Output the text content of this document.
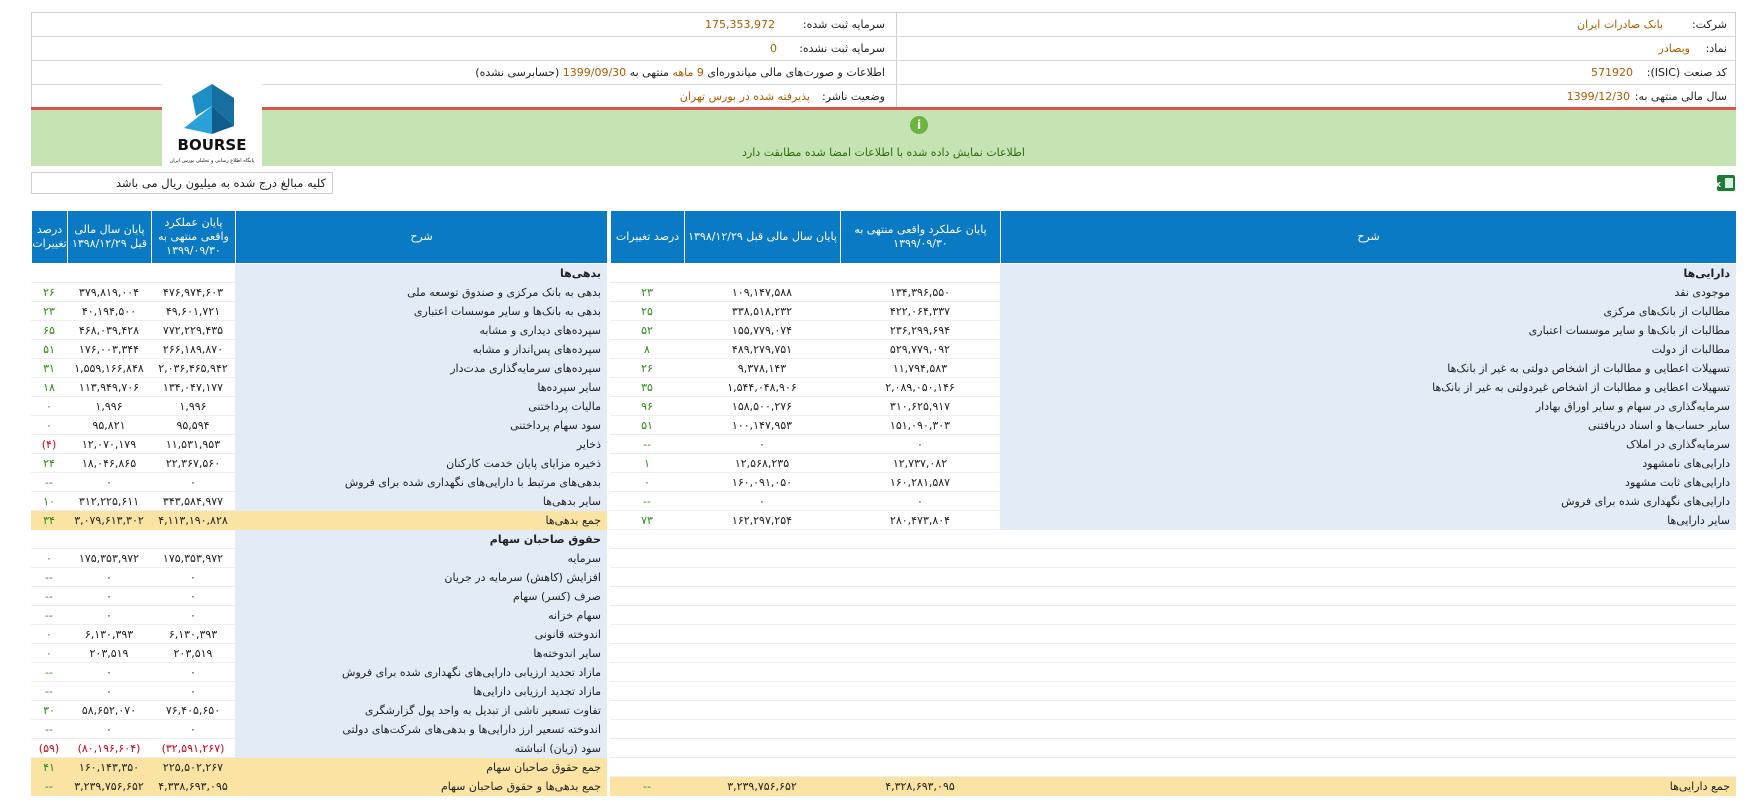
شرکت:
بانک صادرات ایران
سرمایه ثبت شده:
175,353,972
نماد:
وبصادر
سرمایه ثبت نشده:
0
کد صنعت (ISIC):
571920
اطلاعات و صورت‌های مالی میاندوره‌ای 9 ماهه منتهی به 1399/09/30 (حسابرسی نشده)
سال مالی منتهی به:
1399/12/30
وضعیت ناشر:
پذیرفته شده در بورس تهران
i
اطلاعات نمایش داده شده با اطلاعات امضا شده مطابقت دارد
BOURSE
پایگاه اطلاع رسانی و تحلیلی بورس ایران
کلیه مبالغ درج شده به میلیون ریال می باشد	x
شرح
پایان عملکرد واقعی منتهی به ۱۳۹۹/۰۹/۳۰
پایان سال مالی قبل ۱۳۹۸/۱۲/۲۹
درصد تغییرات
دارایی‌ها
موجودی نقد
۱۳۴,۳۹۶,۵۵۰
۱۰۹,۱۴۷,۵۸۸
۲۳
مطالبات از بانک‌های مرکزی
۴۲۲,۰۶۴,۳۳۷
۳۳۸,۵۱۸,۲۳۲
۲۵
مطالبات از بانک‌ها و سایر موسسات اعتباری
۲۳۶,۲۹۹,۶۹۴
۱۵۵,۷۷۹,۰۷۴
۵۲
مطالبات از دولت
۵۲۹,۷۷۹,۰۹۲
۴۸۹,۲۷۹,۷۵۱
۸
تسهیلات اعطایی و مطالبات از اشخاص دولتی به غیر از بانک‌ها
۱۱,۷۹۴,۵۸۳
۹,۳۷۸,۱۴۳
۲۶
تسهیلات اعطایی و مطالبات از اشخاص غیردولتی به غیر از بانک‌ها
۲,۰۸۹,۰۵۰,۱۴۶
۱,۵۴۴,۰۴۸,۹۰۶
۳۵
سرمایه‌گذاری در سهام و سایر اوراق بهادار
۳۱۰,۶۲۵,۹۱۷
۱۵۸,۵۰۰,۲۷۶
۹۶
سایر حساب‌ها و اسناد دریافتنی
۱۵۱,۰۹۰,۳۰۳
۱۰۰,۱۴۷,۹۵۳
۵۱
سرمایه‌گذاری در املاک
۰
۰
--
دارایی‌های نامشهود
۱۲,۷۳۷,۰۸۲
۱۲,۵۶۸,۲۳۵
۱
دارایی‌های ثابت مشهود
۱۶۰,۲۸۱,۵۸۷
۱۶۰,۰۹۱,۰۵۰
۰
دارایی‌های نگهداری شده برای فروش
۰
۰
--
سایر دارایی‌ها
۲۸۰,۴۷۳,۸۰۴
۱۶۲,۲۹۷,۲۵۴
۷۳
جمع دارایی‌ها
۴,۳۲۸,۶۹۳,۰۹۵
۳,۲۳۹,۷۵۶,۶۵۲
--
شرح
پایان عملکرد واقعی منتهی به ۱۳۹۹/۰۹/۳۰
پایان سال مالی قبل ۱۳۹۸/۱۲/۲۹
درصد تغییرات
بدهی‌ها
بدهی به بانک مرکزی و صندوق توسعه ملی
۴۷۶,۹۷۴,۶۰۳
۳۷۹,۸۱۹,۰۰۴
۲۶
بدهی به بانک‌ها و سایر موسسات اعتباری
۴۹,۶۰۱,۷۲۱
۴۰,۱۹۴,۵۰۰
۲۳
سپرده‌های دیداری و مشابه
۷۷۲,۲۲۹,۴۳۵
۴۶۸,۰۳۹,۴۲۸
۶۵
سپرده‌های پس‌انداز و مشابه
۲۶۶,۱۸۹,۸۷۰
۱۷۶,۰۰۳,۳۴۴
۵۱
سپرده‌های سرمایه‌گذاری مدت‌دار
۲,۰۳۶,۴۶۵,۹۴۲
۱,۵۵۹,۱۶۶,۸۴۸
۳۱
سایر سپرده‌ها
۱۳۴,۰۴۷,۱۷۷
۱۱۳,۹۴۹,۷۰۶
۱۸
مالیات پرداختنی
۱,۹۹۶
۱,۹۹۶
۰
سود سهام پرداختنی
۹۵,۵۹۴
۹۵,۸۲۱
۰
ذخایر
۱۱,۵۳۱,۹۵۳
۱۲,۰۷۰,۱۷۹
(۴)
ذخیره مزایای پایان خدمت کارکنان
۲۲,۳۶۷,۵۶۰
۱۸,۰۴۶,۸۶۵
۲۴
بدهی‌های مرتبط با دارایی‌های نگهداری شده برای فروش
۰
۰
--
سایر بدهی‌ها
۳۴۳,۵۸۴,۹۷۷
۳۱۲,۲۲۵,۶۱۱
۱۰
جمع بدهی‌ها
۴,۱۱۳,۱۹۰,۸۲۸
۳,۰۷۹,۶۱۳,۳۰۲
۳۴
حقوق صاحبان سهام
سرمایه
۱۷۵,۳۵۳,۹۷۲
۱۷۵,۳۵۳,۹۷۲
۰
افزایش (کاهش) سرمایه در جریان
۰
۰
--
صرف (کسر) سهام
۰
۰
--
سهام خزانه
۰
۰
--
اندوخته قانونی
۶,۱۳۰,۳۹۳
۶,۱۳۰,۳۹۳
۰
سایر اندوخته‌ها
۲۰۳,۵۱۹
۲۰۳,۵۱۹
۰
مازاد تجدید ارزیابی دارایی‌های نگهداری شده برای فروش
۰
۰
--
مازاد تجدید ارزیابی دارایی‌ها
۰
۰
--
تفاوت تسعیر ناشی از تبدیل به واحد پول گزارشگری
۷۶,۴۰۵,۶۵۰
۵۸,۶۵۲,۰۷۰
۳۰
اندوخته تسعیر ارز دارایی‌ها و بدهی‌های شرکت‌های دولتی
۰
۰
--
سود (زیان) انباشته
(۳۲,۵۹۱,۲۶۷)
(۸۰,۱۹۶,۶۰۴)
(۵۹)
جمع حقوق صاحبان سهام
۲۲۵,۵۰۲,۲۶۷
۱۶۰,۱۴۳,۳۵۰
۴۱
جمع بدهی‌ها و حقوق صاحبان سهام
۴,۳۳۸,۶۹۳,۰۹۵
۳,۲۳۹,۷۵۶,۶۵۲
--
